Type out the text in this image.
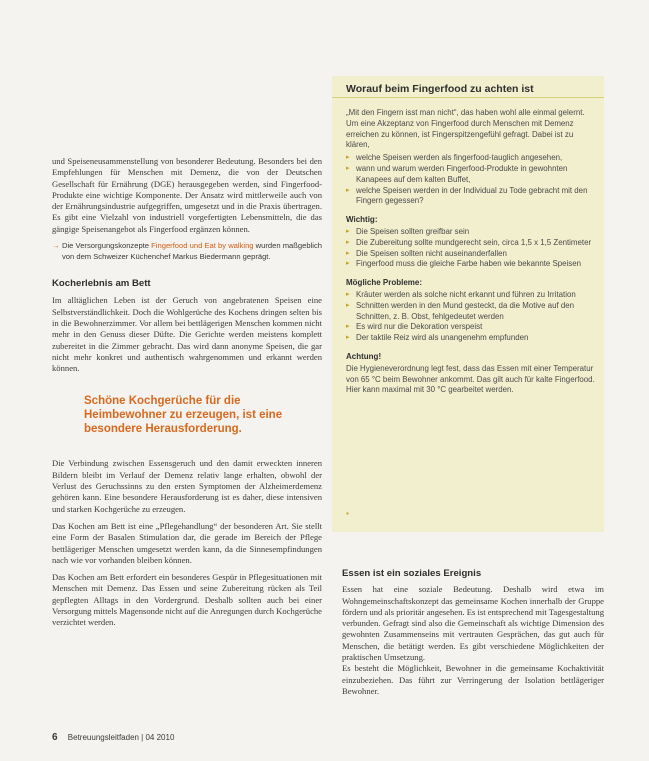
und Speiseneusammenstellung von besonderer Bedeutung. Besonders bei den Empfehlungen für Menschen mit Demenz, die von der Deutschen Gesellschaft für Ernährung (DGE) herausgegeben werden, sind Fingerfood-Produkte eine wichtige Komponente. Der Ansatz wird mittlerweile auch von der Ernährungsindustrie aufgegriffen, umgesetzt und in die Praxis übertragen. Es gibt eine Vielzahl von industriell vorgefertigten Lebensmitteln, die das gängige Speisenangebot als Fingerfood ergänzen können.

→ Die Versorgungskonzepte Fingerfood und Eat by walking wurden maßgeblich von dem Schweizer Küchenchef Markus Biedermann geprägt.
Kocherlebnis am Bett

Im alltäglichen Leben ist der Geruch von angebratenen Speisen eine Selbstverständlichkeit. Doch die Wohlgerüche des Kochens dringen selten bis in die Bewohnerzimmer. Vor allem bei bettlägerigen Menschen kommen nicht mehr in den Genuss dieser Düfte. Die Gerichte werden meistens komplett zubereitet in die Zimmer gebracht. Das wird dann anonyme Speisen, die gar nicht mehr konkret und authentisch wahrgenommen und erkannt werden können.

Schöne Kochgerüche für die Heimbewohner zu erzeugen, ist eine besondere Herausforderung.

Die Verbindung zwischen Essensgeruch und den damit erweckten inneren Bildern bleibt im Verlauf der Demenz relativ lange erhalten, obwohl der Verlust des Geruchssinns zu den ersten Symptomen der Alzheimerdemenz gehören kann. Eine besondere Herausforderung ist es daher, diese intensiven und starken Kochgerüche zu erzeugen.

Das Kochen am Bett ist eine „Pflegehandlung“ der besonderen Art. Sie stellt eine Form der Basalen Stimulation dar, die gerade im Bereich der Pflege bettlägeriger Menschen umgesetzt werden kann, da die Sinnesempfindungen nach wie vor vorhanden bleiben können.

Das Kochen am Bett erfordert ein besonderes Gespür in Pflegesituationen mit Menschen mit Demenz. Das Essen und seine Zubereitung rücken als Teil gepflegten Alltags in den Vordergrund. Deshalb sollten auch bei einer Versorgung mittels Magensonde nicht auf die Anregungen durch Kochgerüche verzichtet werden.

Worauf beim Fingerfood zu achten ist

„Mit den Fingern isst man nicht“, das haben wohl alle einmal gelernt. Um eine Akzeptanz von Fingerfood durch Menschen mit Demenz erreichen zu können, ist Fingerspitzengefühl gefragt. Dabei ist zu klären,

▸ welche Speisen werden als fingerfood-tauglich angesehen,
▸ wann und warum werden Fingerfood-Produkte in gewohnten Kanapees auf dem kalten Buffet,
▸ welche Speisen werden in der Individual zu Tode gebracht mit den Fingern gegessen?
Wichtig:
▸ Die Speisen sollten greifbar sein
▸ Die Zubereitung sollte mundgerecht sein, circa 1,5 x 1,5 Zentimeter
▸ Die Speisen sollten nicht auseinanderfallen
▸ Fingerfood muss die gleiche Farbe haben wie bekannte Speisen
Mögliche Probleme:
▸ Kräuter werden als solche nicht erkannt und führen zu Irritation
▸ Schnitten werden in den Mund gesteckt, da die Motive auf den Schnitten, z. B. Obst, fehlgedeutet werden
▸ Es wird nur die Dekoration verspeist
▸ Der taktile Reiz wird als unangenehm empfunden
Achtung!

Die Hygieneverordnung legt fest, dass das Essen mit einer Temperatur von 65 °C beim Bewohner ankommt. Das gilt auch für kalte Fingerfood. Hier kann maximal mit 30 °C gearbeitet werden.

▪
Essen ist ein soziales Ereignis

Essen hat eine soziale Bedeutung. Deshalb wird etwa im Wohngemeinschaftskonzept das gemeinsame Kochen innerhalb der Gruppe fördern und als prioritär angesehen. Es ist entsprechend mit Tagesgestaltung verbunden. Gefragt sind also die Gemeinschaft als wichtige Dimension des gewohnten Zusammenseins mit vertrauten Gesprächen, das gut auch für Menschen, die betätigt werden. Es gibt verschiedene Möglichkeiten der praktischen Umsetzung.

Es besteht die Möglichkeit, Bewohner in die gemeinsame Kochaktivität einzubeziehen. Das führt zur Verringerung der Isolation bettlägeriger Bewohner.

6 Betreuungsleitfaden | 04 2010
